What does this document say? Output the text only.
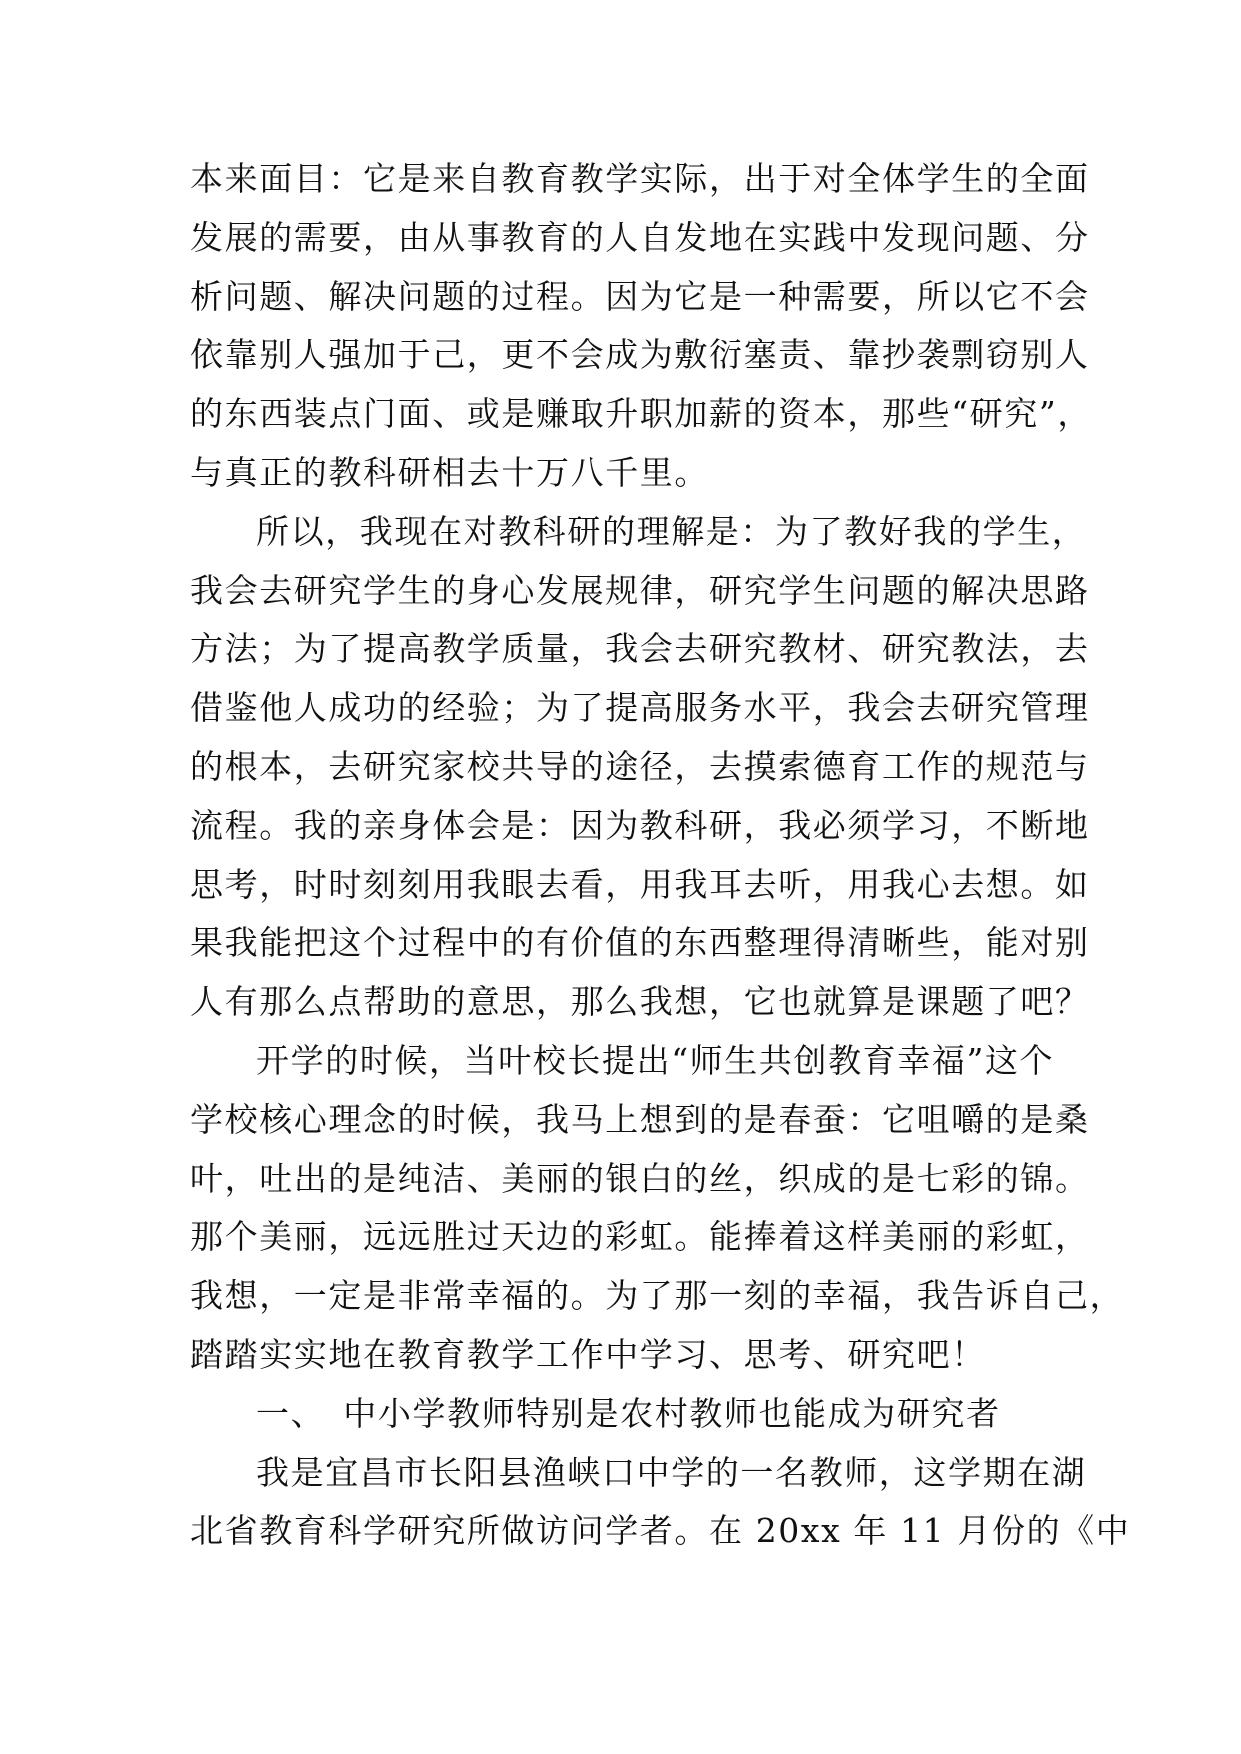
本来面目：它是来自教育教学实际，出于对全体学生的全面
发展的需要，由从事教育的人自发地在实践中发现问题、分
析问题、解决问题的过程。因为它是一种需要，所以它不会
依靠别人强加于己，更不会成为敷衍塞责、靠抄袭剽窃别人
的东西装点门面、或是赚取升职加薪的资本，那些“研究”，
与真正的教科研相去十万八千里。
所以，我现在对教科研的理解是：为了教好我的学生，
我会去研究学生的身心发展规律，研究学生问题的解决思路
方法；为了提高教学质量，我会去研究教材、研究教法，去
借鉴他人成功的经验；为了提高服务水平，我会去研究管理
的根本，去研究家校共导的途径，去摸索德育工作的规范与
流程。我的亲身体会是：因为教科研，我必须学习，不断地
思考，时时刻刻用我眼去看，用我耳去听，用我心去想。如
果我能把这个过程中的有价值的东西整理得清晰些，能对别
人有那么点帮助的意思，那么我想，它也就算是课题了吧？
开学的时候，当叶校长提出“师生共创教育幸福”这个
学校核心理念的时候，我马上想到的是春蚕：它咀嚼的是桑
叶，吐出的是纯洁、美丽的银白的丝，织成的是七彩的锦。
那个美丽，远远胜过天边的彩虹。能捧着这样美丽的彩虹，
我想，一定是非常幸福的。为了那一刻的幸福，我告诉自己，
踏踏实实地在教育教学工作中学习、思考、研究吧！
一、　中小学教师特别是农村教师也能成为研究者
我是宜昌市长阳县渔峡口中学的一名教师，这学期在湖
北省教育科学研究所做访问学者。在 20xx 年 11 月份的《中
